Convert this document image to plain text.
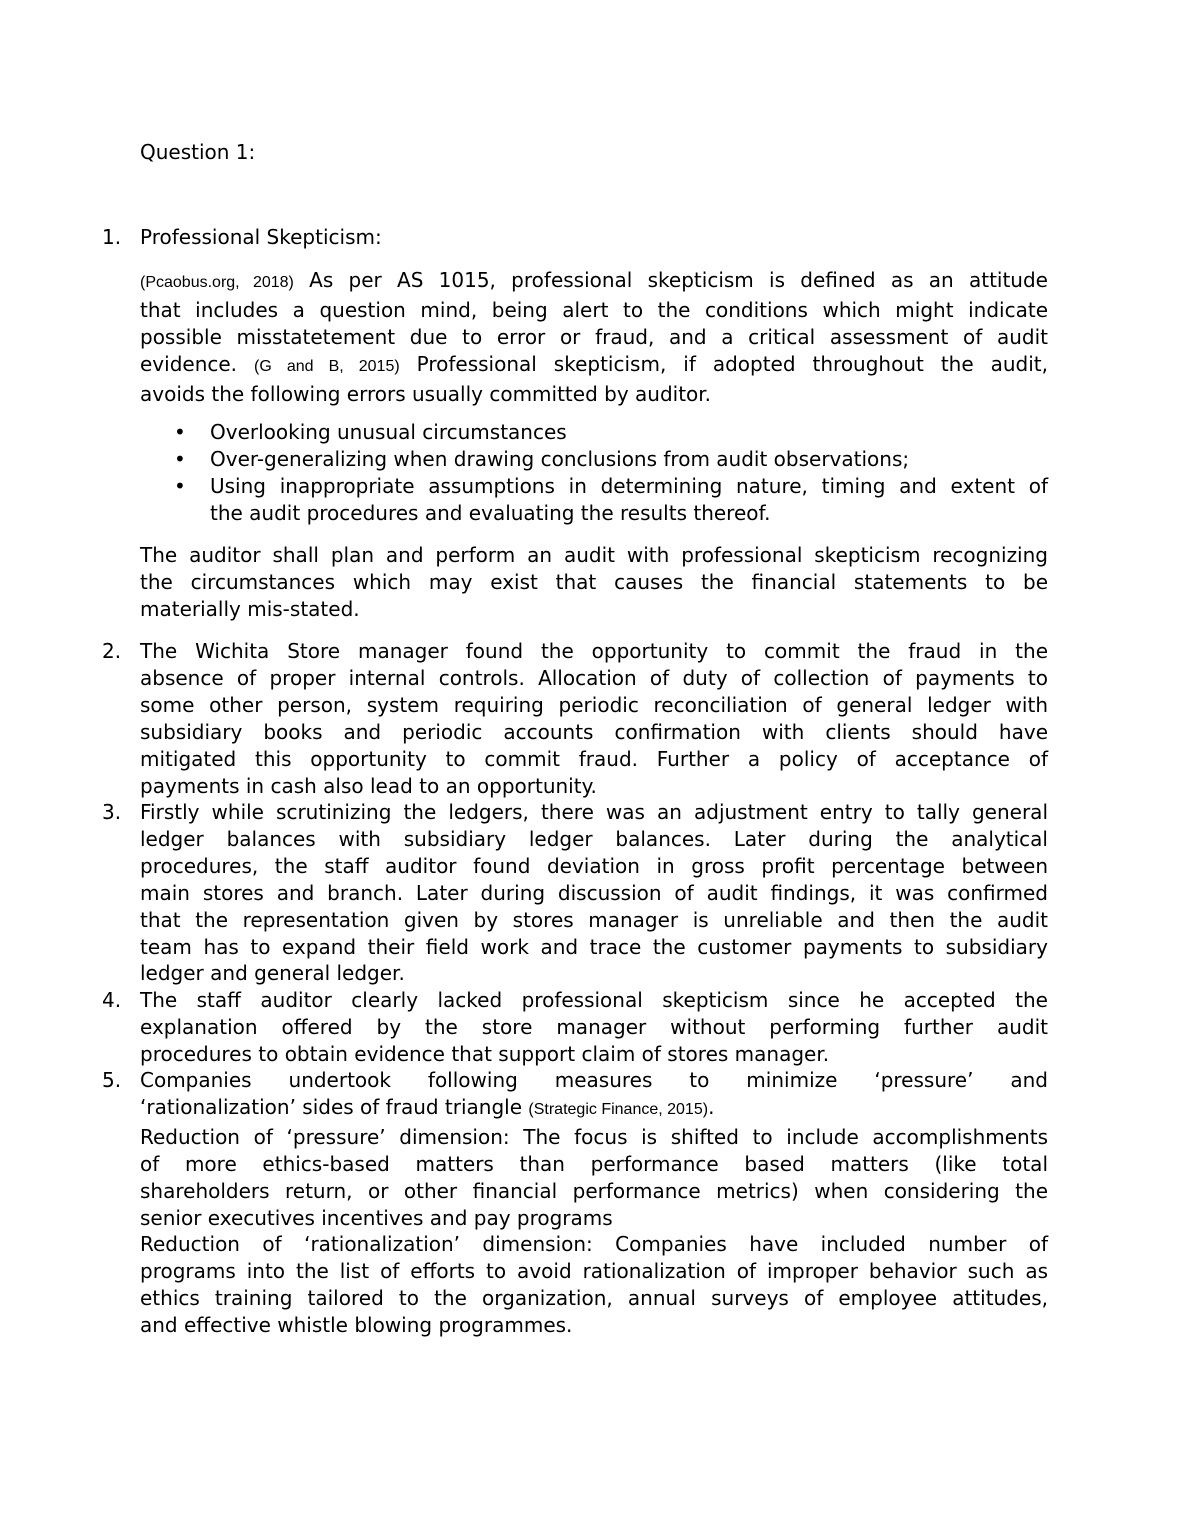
Question 1:
1. Professional Skepticism:
(Pcaobus.org, 2018) As per AS 1015, professional skepticism is defined as an attitude
that includes a question mind, being alert to the conditions which might indicate
possible misstatetement due to error or fraud, and a critical assessment of audit
evidence. (G and B, 2015) Professional skepticism, if adopted throughout the audit,
avoids the following errors usually committed by auditor.
• Overlooking unusual circumstances
• Over-generalizing when drawing conclusions from audit observations;
• Using inappropriate assumptions in determining nature, timing and extent of
the audit procedures and evaluating the results thereof.
The auditor shall plan and perform an audit with professional skepticism recognizing
the circumstances which may exist that causes the financial statements to be
materially mis-stated.
2. The Wichita Store manager found the opportunity to commit the fraud in the
absence of proper internal controls. Allocation of duty of collection of payments to
some other person, system requiring periodic reconciliation of general ledger with
subsidiary books and periodic accounts confirmation with clients should have
mitigated this opportunity to commit fraud. Further a policy of acceptance of
payments in cash also lead to an opportunity.
3. Firstly while scrutinizing the ledgers, there was an adjustment entry to tally general
ledger balances with subsidiary ledger balances. Later during the analytical
procedures, the staff auditor found deviation in gross profit percentage between
main stores and branch. Later during discussion of audit findings, it was confirmed
that the representation given by stores manager is unreliable and then the audit
team has to expand their field work and trace the customer payments to subsidiary
ledger and general ledger.
4. The staff auditor clearly lacked professional skepticism since he accepted the
explanation offered by the store manager without performing further audit
procedures to obtain evidence that support claim of stores manager.
5. Companies undertook following measures to minimize ‘pressure’ and
‘rationalization’ sides of fraud triangle (Strategic Finance, 2015).
Reduction of ‘pressure’ dimension: The focus is shifted to include accomplishments
of more ethics-based matters than performance based matters (like total
shareholders return, or other financial performance metrics) when considering the
senior executives incentives and pay programs
Reduction of ‘rationalization’ dimension: Companies have included number of
programs into the list of efforts to avoid rationalization of improper behavior such as
ethics training tailored to the organization, annual surveys of employee attitudes,
and effective whistle blowing programmes.
